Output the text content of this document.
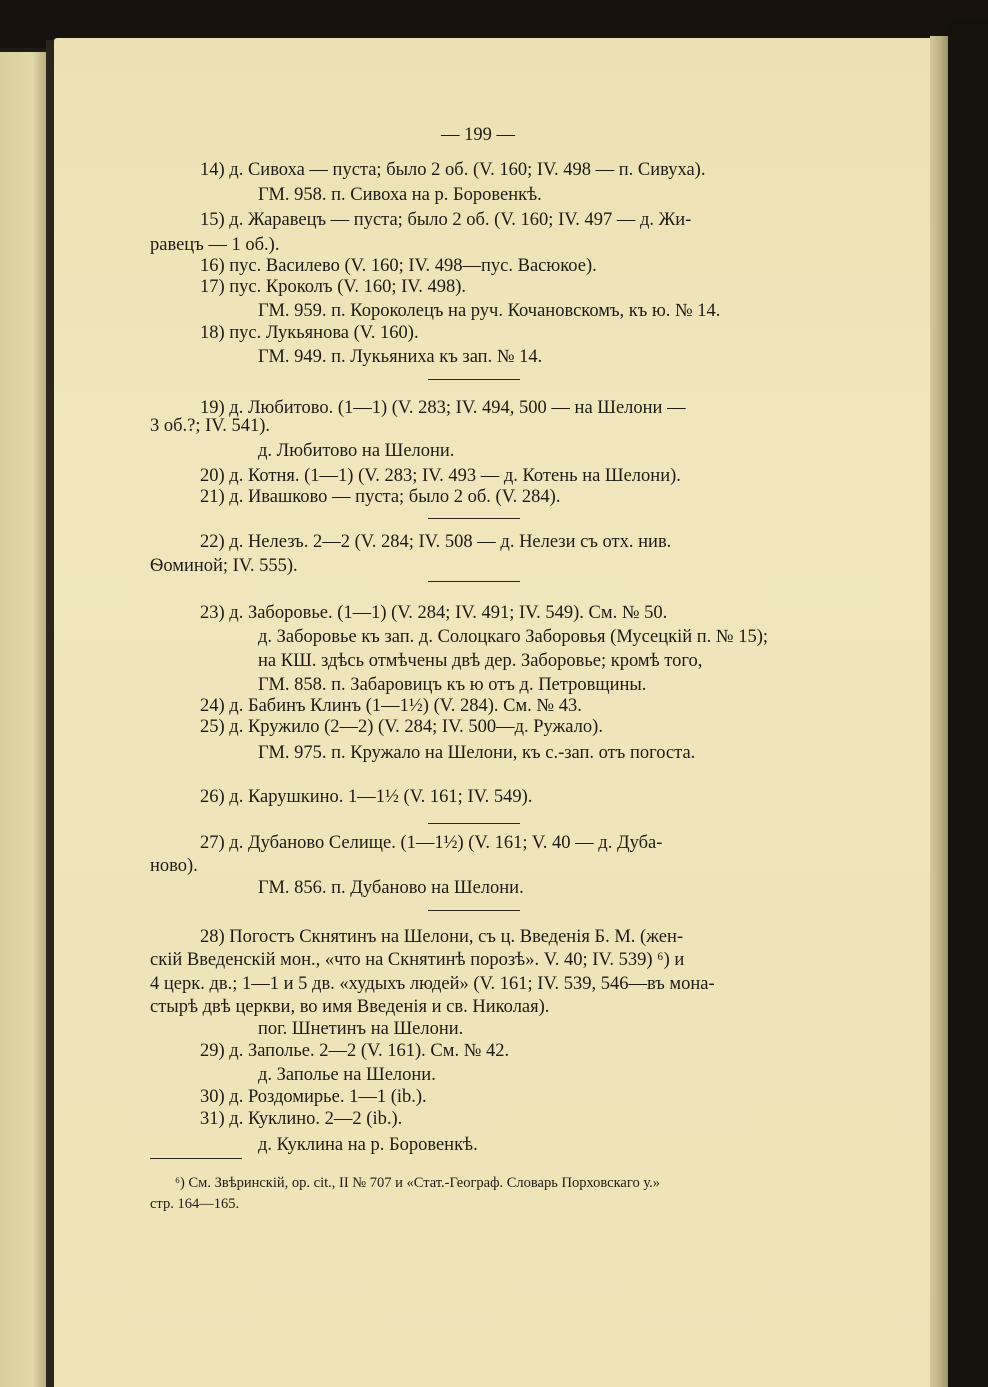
— 199 —
14) д. Сивоха — пуста; было 2 об. (V. 160; IV. 498 — п. Сивуха).
ГМ. 958. п. Сивоха на р. Боровенкѣ.
15) д. Жаравецъ — пуста; было 2 об. (V. 160; IV. 497 — д. Жи-
равецъ — 1 об.).
16) пус. Василево (V. 160; IV. 498—пус. Васюкое).
17) пус. Кроколъ (V. 160; IV. 498).
ГМ. 959. п. Короколецъ на руч. Кочановскомъ, къ ю. № 14.
18) пус. Лукьянова (V. 160).
ГМ. 949. п. Лукьяниха къ зап. № 14.
19) д. Любитово. (1—1) (V. 283; IV. 494, 500 — на Шелони —
3 об.?; IV. 541).
д. Любитово на Шелони.
20) д. Котня. (1—1) (V. 283; IV. 493 — д. Котень на Шелони).
21) д. Ивашково — пуста; было 2 об. (V. 284).
22) д. Нелезъ. 2—2 (V. 284; IV. 508 — д. Нелези съ отх. нив.
Ѳоминой; IV. 555).
23) д. Заборовье. (1—1) (V. 284; IV. 491; IV. 549). См. № 50.
д. Заборовье къ зап. д. Солоцкаго Заборовья (Мусецкій п. № 15);
на КШ. здѣсь отмѣчены двѣ дер. Заборовье; кромѣ того,
ГМ. 858. п. Забаровицъ къ ю отъ д. Петровщины.
24) д. Бабинъ Клинъ (1—1½) (V. 284). См. № 43.
25) д. Кружило (2—2) (V. 284; IV. 500—д. Ружало).
ГМ. 975. п. Кружало на Шелони, къ с.-зап. отъ погоста.
26) д. Карушкино. 1—1½ (V. 161; IV. 549).
27) д. Дубаново Селище. (1—1½) (V. 161; V. 40 — д. Дуба-
ново).
ГМ. 856. п. Дубаново на Шелони.
28) Погостъ Скнятинъ на Шелони, съ ц. Введенія Б. М. (жен-
скій Введенскій мон., «что на Скнятинѣ порозѣ». V. 40; IV. 539) ⁶) и
4 церк. дв.; 1—1 и 5 дв. «худыхъ людей» (V. 161; IV. 539, 546—въ мона-
стырѣ двѣ церкви, во имя Введенія и св. Николая).
пог. Шнетинъ на Шелони.
29) д. Заполье. 2—2 (V. 161). См. № 42.
д. Заполье на Шелони.
30) д. Роздомирье. 1—1 (ib.).
31) д. Куклино. 2—2 (ib.).
д. Куклина на р. Боровенкѣ.
⁶) См. Звѣринскій, op. cit., II № 707 и «Стат.-Географ. Словарь Порховскаго у.»
стр. 164—165.
